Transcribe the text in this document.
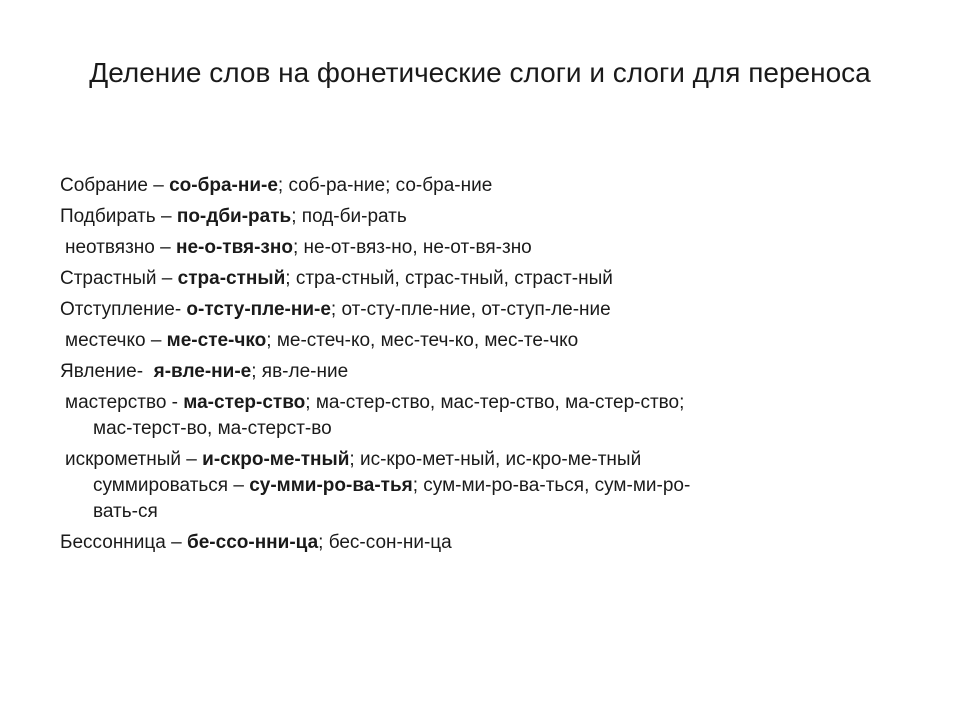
Деление слов на фонетические слоги и слоги для переноса
Собрание – со-бра-ни-е; соб-ра-ние; со-бра-ние
Подбирать – по-дби-рать; под-би-рать
неотвязно – не-о-твя-зно; не-от-вяз-но, не-от-вя-зно
Страстный – стра-стный; стра-стный, страс-тный, страст-ный
Отступление- о-тсту-пле-ни-е; от-сту-пле-ние, от-ступ-ле-ние
местечко – ме-сте-чко; ме-стеч-ко, мес-теч-ко, мес-те-чко
Явление-  я-вле-ни-е; яв-ле-ние
мастерство - ма-стер-ство; ма-стер-ство, мас-тер-ство, ма-стер-ство;
мас-терст-во, ма-стерст-во
искрометный – и-скро-ме-тный; ис-кро-мет-ный, ис-кро-ме-тный
суммироваться – су-мми-ро-ва-тья; сум-ми-ро-ва-ться, сум-ми-ро-
вать-ся
Бессонница – бе-ссо-нни-ца; бес-сон-ни-ца
